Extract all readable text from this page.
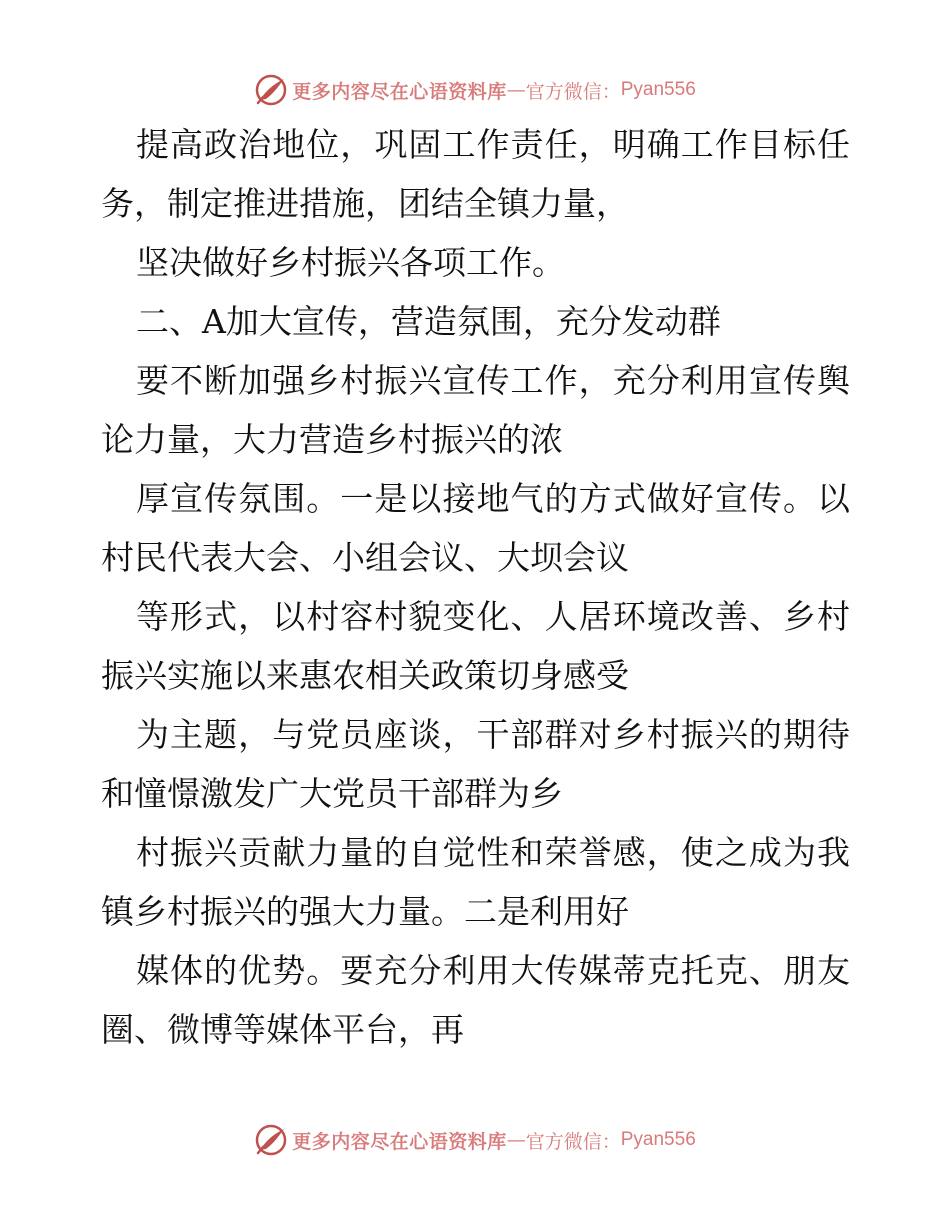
更多内容尽在心语资料库 — 官方微信： Pyan556
提高政治地位，巩固工作责任，明确工作目标任
务，制定推进措施，团结全镇力量，
坚决做好乡村振兴各项工作。
二、A加大宣传，营造氛围，充分发动群
要不断加强乡村振兴宣传工作，充分利用宣传舆
论力量，大力营造乡村振兴的浓
厚宣传氛围。一是以接地气的方式做好宣传。以
村民代表大会、小组会议、大坝会议
等形式，以村容村貌变化、人居环境改善、乡村
振兴实施以来惠农相关政策切身感受
为主题，与党员座谈，干部群对乡村振兴的期待
和憧憬激发广大党员干部群为乡
村振兴贡献力量的自觉性和荣誉感，使之成为我
镇乡村振兴的强大力量。二是利用好
媒体的优势。要充分利用大传媒蒂克托克、朋友
圈、微博等媒体平台，再
更多内容尽在心语资料库 — 官方微信： Pyan556
